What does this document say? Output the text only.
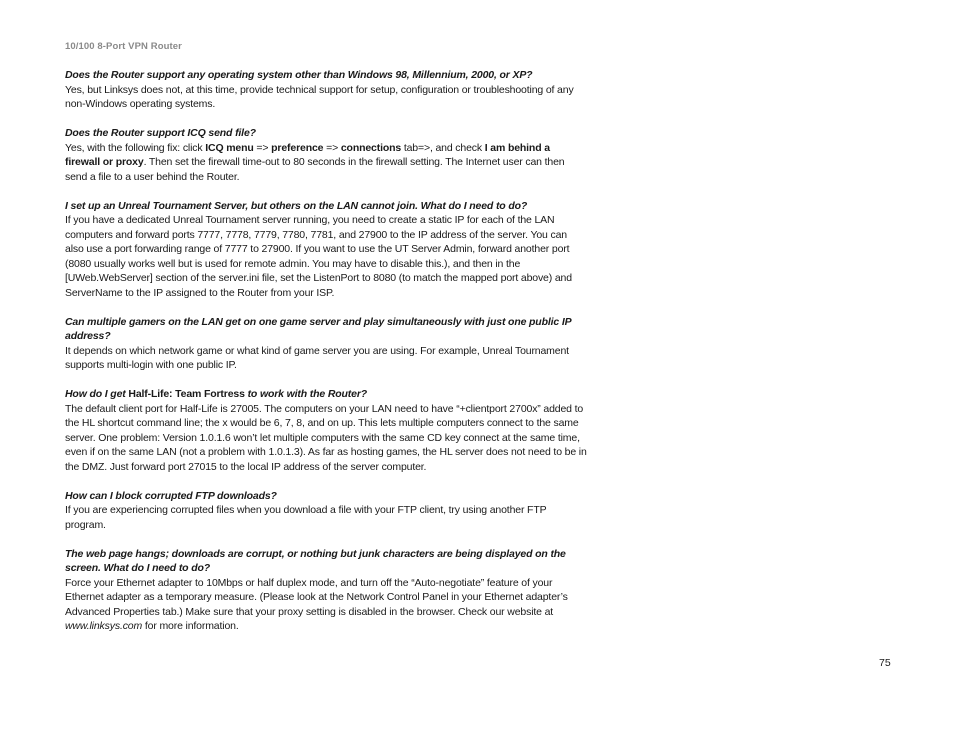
10/100 8-Port VPN Router

Does the Router support any operating system other than Windows 98, Millennium, 2000, or XP?

Yes, but Linksys does not, at this time, provide technical support for setup, configuration or troubleshooting of any non-Windows operating systems.

Does the Router support ICQ send file?

Yes, with the following fix: click ICQ menu => preference => connections tab=>, and check I am behind a firewall or proxy. Then set the firewall time-out to 80 seconds in the firewall setting. The Internet user can then send a file to a user behind the Router.

I set up an Unreal Tournament Server, but others on the LAN cannot join. What do I need to do?

If you have a dedicated Unreal Tournament server running, you need to create a static IP for each of the LAN computers and forward ports 7777, 7778, 7779, 7780, 7781, and 27900 to the IP address of the server. You can also use a port forwarding range of 7777 to 27900. If you want to use the UT Server Admin, forward another port (8080 usually works well but is used for remote admin. You may have to disable this.), and then in the [UWeb.WebServer] section of the server.ini file, set the ListenPort to 8080 (to match the mapped port above) and ServerName to the IP assigned to the Router from your ISP.

Can multiple gamers on the LAN get on one game server and play simultaneously with just one public IP address?

It depends on which network game or what kind of game server you are using. For example, Unreal Tournament supports multi-login with one public IP.

How do I get Half-Life: Team Fortress to work with the Router?

The default client port for Half-Life is 27005. The computers on your LAN need to have “+clientport 2700x” added to the HL shortcut command line; the x would be 6, 7, 8, and on up. This lets multiple computers connect to the same server. One problem: Version 1.0.1.6 won’t let multiple computers with the same CD key connect at the same time, even if on the same LAN (not a problem with 1.0.1.3). As far as hosting games, the HL server does not need to be in the DMZ. Just forward port 27015 to the local IP address of the server computer.

How can I block corrupted FTP downloads?

If you are experiencing corrupted files when you download a file with your FTP client, try using another FTP program.

The web page hangs; downloads are corrupt, or nothing but junk characters are being displayed on the screen. What do I need to do?

Force your Ethernet adapter to 10Mbps or half duplex mode, and turn off the “Auto-negotiate” feature of your Ethernet adapter as a temporary measure. (Please look at the Network Control Panel in your Ethernet adapter’s Advanced Properties tab.) Make sure that your proxy setting is disabled in the browser. Check our website at www.linksys.com for more information.

75
